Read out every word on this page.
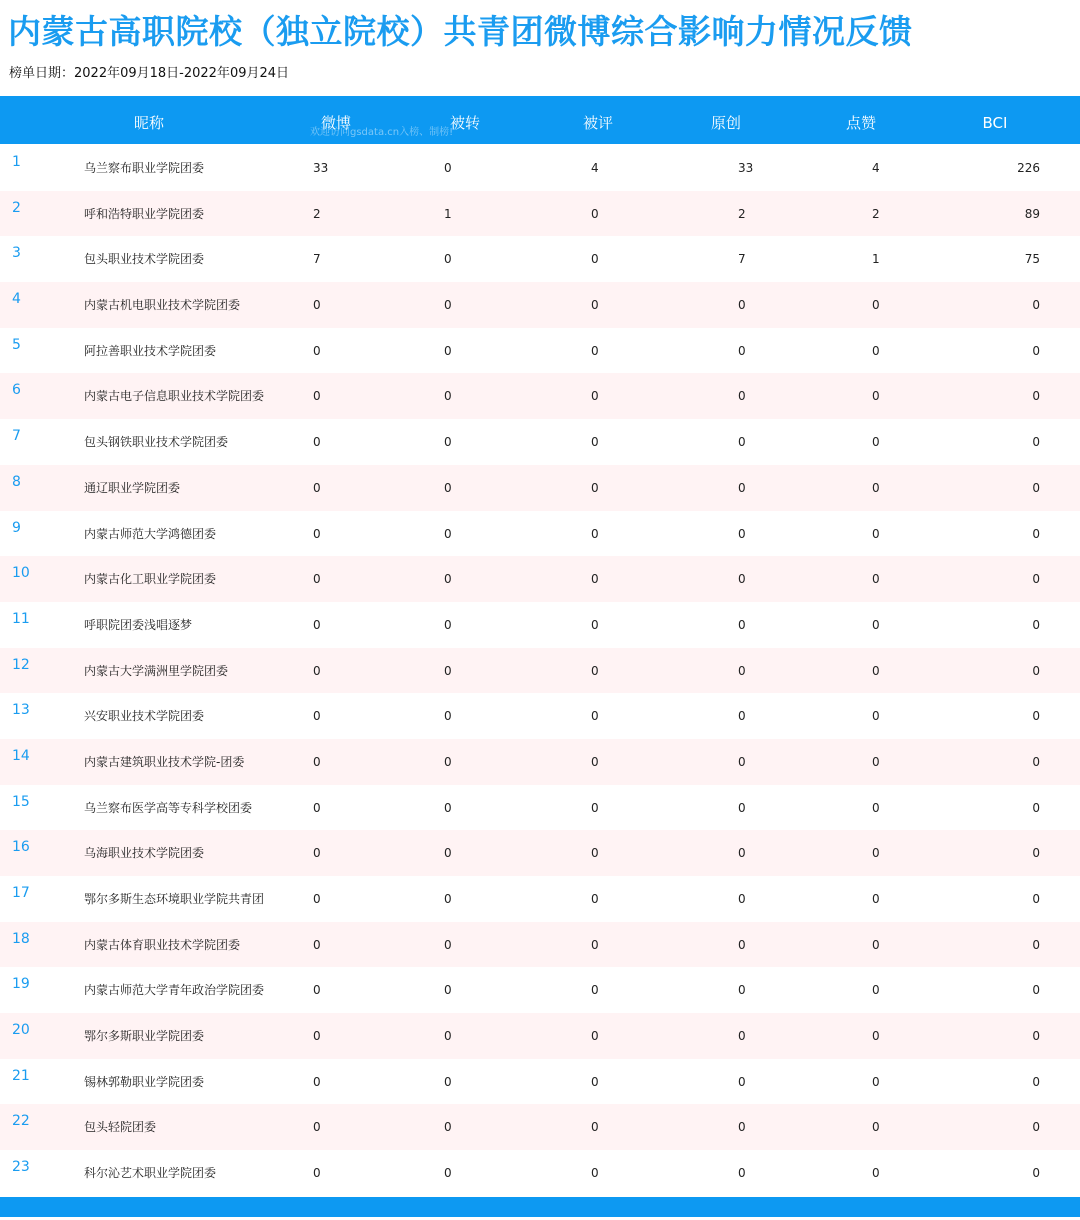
内蒙古高职院校（独立院校）共青团微博综合影响力情况反馈
榜单日期：2022年09月18日-2022年09月24日
昵称	微博	被转	被评	原创	点赞	BCI
欢迎访问gsdata.cn入榜、制榜!
1	乌兰察布职业学院团委	33	0	4	33	4	226
2	呼和浩特职业学院团委	2	1	0	2	2	89
3	包头职业技术学院团委	7	0	0	7	1	75
4	内蒙古机电职业技术学院团委	0	0	0	0	0	0
5	阿拉善职业技术学院团委	0	0	0	0	0	0
6	内蒙古电子信息职业技术学院团委	0	0	0	0	0	0
7	包头钢铁职业技术学院团委	0	0	0	0	0	0
8	通辽职业学院团委	0	0	0	0	0	0
9	内蒙古师范大学鸿德团委	0	0	0	0	0	0
10	内蒙古化工职业学院团委	0	0	0	0	0	0
11	呼职院团委浅唱逐梦	0	0	0	0	0	0
12	内蒙古大学满洲里学院团委	0	0	0	0	0	0
13	兴安职业技术学院团委	0	0	0	0	0	0
14	内蒙古建筑职业技术学院-团委	0	0	0	0	0	0
15	乌兰察布医学高等专科学校团委	0	0	0	0	0	0
16	乌海职业技术学院团委	0	0	0	0	0	0
17	鄂尔多斯生态环境职业学院共青团	0	0	0	0	0	0
18	内蒙古体育职业技术学院团委	0	0	0	0	0	0
19	内蒙古师范大学青年政治学院团委	0	0	0	0	0	0
20	鄂尔多斯职业学院团委	0	0	0	0	0	0
21	锡林郭勒职业学院团委	0	0	0	0	0	0
22	包头轻院团委	0	0	0	0	0	0
23	科尔沁艺术职业学院团委	0	0	0	0	0	0
